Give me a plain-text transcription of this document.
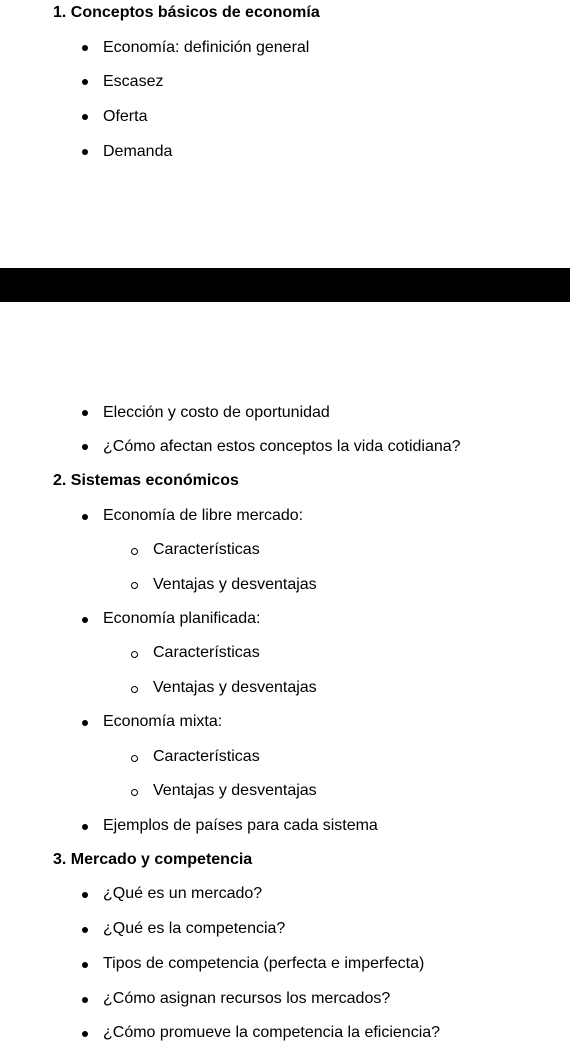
1. Conceptos básicos de economía
Economía: definición general
Escasez
Oferta
Demanda
Elección y costo de oportunidad
¿Cómo afectan estos conceptos la vida cotidiana?
2. Sistemas económicos
Economía de libre mercado:
Características
Ventajas y desventajas
Economía planificada:
Características
Ventajas y desventajas
Economía mixta:
Características
Ventajas y desventajas
Ejemplos de países para cada sistema
3. Mercado y competencia
¿Qué es un mercado?
¿Qué es la competencia?
Tipos de competencia (perfecta e imperfecta)
¿Cómo asignan recursos los mercados?
¿Cómo promueve la competencia la eficiencia?
